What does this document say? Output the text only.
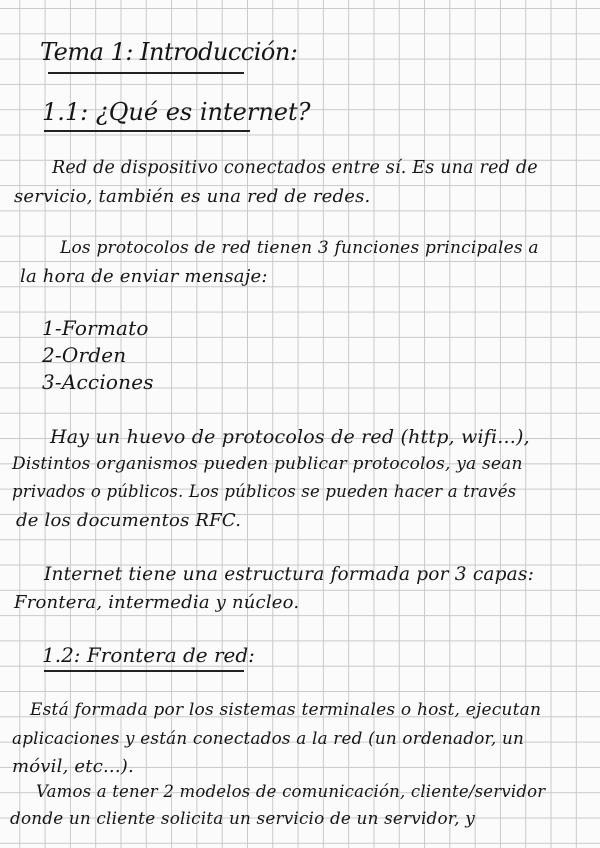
Tema 1: Introducción:
1.1: ¿Qué es internet?
Red de dispositivo conectados entre sí. Es una red de
servicio, también es una red de redes.
Los protocolos de red tienen 3 funciones principales a
la hora de enviar mensaje:
1-Formato
2-Orden
3-Acciones
Hay un huevo de protocolos de red (http, wifi...),
Distintos organismos pueden publicar protocolos, ya sean
privados o públicos. Los públicos se pueden hacer a través
de los documentos RFC.
Internet tiene una estructura formada por 3 capas:
Frontera, intermedia y núcleo.
1.2: Frontera de red:
Está formada por los sistemas terminales o host, ejecutan
aplicaciones y están conectados a la red (un ordenador, un
móvil, etc...).
Vamos a tener 2 modelos de comunicación, cliente/servidor
donde un cliente solicita un servicio de un servidor, y
